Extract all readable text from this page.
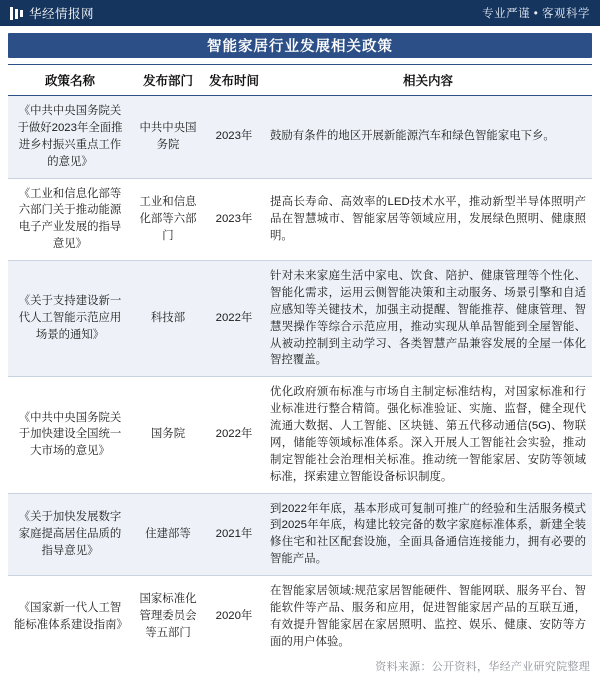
华经情报网	专业严谨 • 客观科学
智能家居行业发展相关政策
政策名称	发布部门	发布时间	相关内容
《中共中央国务院关于做好2023年全面推进乡村振兴重点工作的意见》	中共中央国务院	2023年	鼓励有条件的地区开展新能源汽车和绿色智能家电下乡。
《工业和信息化部等六部门关于推动能源电子产业发展的指导意见》	工业和信息化部等六部门	2023年	提高长寿命、高效率的LED技术水平，推动新型半导体照明产品在智慧城市、智能家居等领域应用，发展绿色照明、健康照明。
《关于支持建设新一代人工智能示范应用场景的通知》	科技部	2022年	针对未来家庭生活中家电、饮食、陪护、健康管理等个性化、智能化需求，运用云侧智能决策和主动服务、场景引擎和自适应感知等关键技术，加强主动提醒、智能推荐、健康管理、智慧哭操作等综合示范应用，推动实现从单品智能到全屋智能、从被动控制到主动学习、各类智慧产品兼容发展的全屋一体化智控覆盖。
《中共中央国务院关于加快建设全国统一大市场的意见》	国务院	2022年	优化政府颁布标准与市场自主制定标准结构，对国家标准和行业标准进行整合精简。强化标准验证、实施、监督，健全现代流通大数据、人工智能、区块链、第五代移动通信(5G)、物联网，储能等领域标准体系。深入开展人工智能社会实验，推动制定智能社会治理相关标准。推动统一智能家居、安防等领域标准，探索建立智能设备标识制度。
《关于加快发展数字家庭提高居住品质的指导意见》	住建部等	2021年	到2022年年底，基本形成可复制可推广的经验和生活服务模式到2025年年底，构建比较完备的数字家庭标准体系，新建全装修住宅和社区配套设施，全面具备通信连接能力，拥有必要的智能产品。
《国家新一代人工智能标准体系建设指南》	国家标准化管理委员会等五部门	2020年	在智能家居领域:规范家居智能硬件、智能网联、服务平台、智能软件等产品、服务和应用，促进智能家居产品的互联互通，有效提升智能家居在家居照明、监控、娱乐、健康、安防等方面的用户体验。
资料来源：公开资料，华经产业研究院整理
